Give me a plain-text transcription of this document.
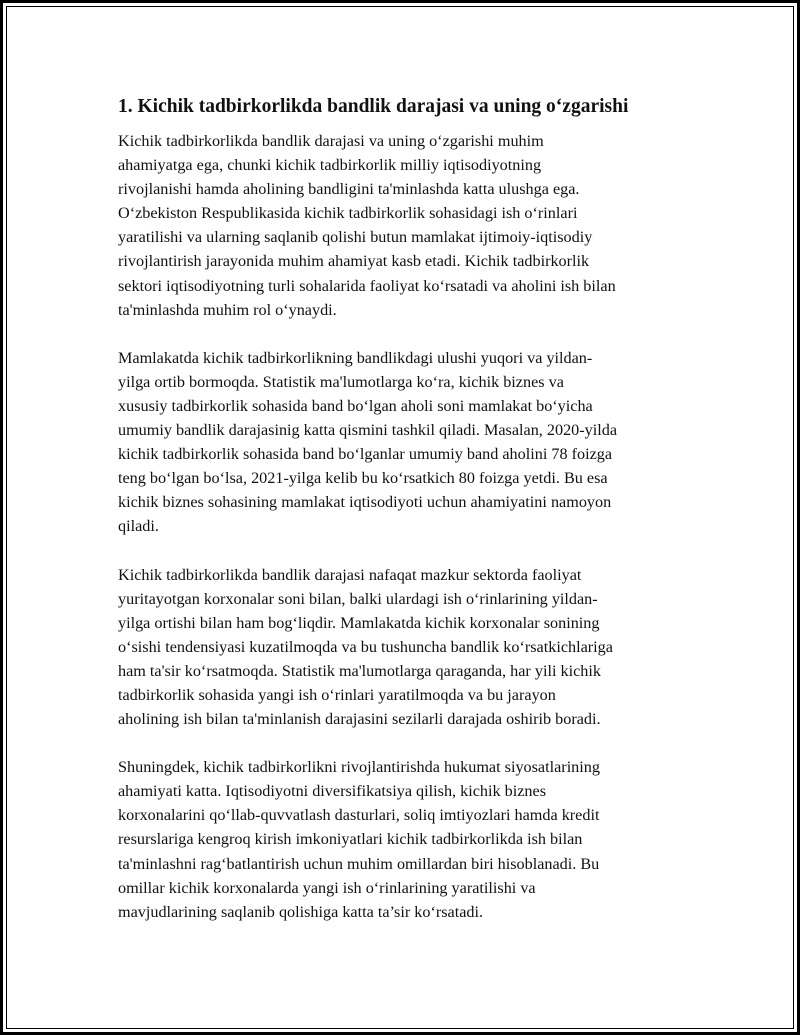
1. Kichik tadbirkorlikda bandlik darajasi va uning o‘zgarishi

Kichik tadbirkorlikda bandlik darajasi va uning o‘zgarishi muhim
ahamiyatga ega, chunki kichik tadbirkorlik milliy iqtisodiyotning
rivojlanishi hamda aholining bandligini ta'minlashda katta ulushga ega.
O‘zbekiston Respublikasida kichik tadbirkorlik sohasidagi ish o‘rinlari
yaratilishi va ularning saqlanib qolishi butun mamlakat ijtimoiy-iqtisodiy
rivojlantirish jarayonida muhim ahamiyat kasb etadi. Kichik tadbirkorlik
sektori iqtisodiyotning turli sohalarida faoliyat ko‘rsatadi va aholini ish bilan
ta'minlashda muhim rol o‘ynaydi.

Mamlakatda kichik tadbirkorlikning bandlikdagi ulushi yuqori va yildan-
yilga ortib bormoqda. Statistik ma'lumotlarga ko‘ra, kichik biznes va
xususiy tadbirkorlik sohasida band bo‘lgan aholi soni mamlakat bo‘yicha
umumiy bandlik darajasinig katta qismini tashkil qiladi. Masalan, 2020-yilda
kichik tadbirkorlik sohasida band bo‘lganlar umumiy band aholini 78 foizga
teng bo‘lgan bo‘lsa, 2021-yilga kelib bu ko‘rsatkich 80 foizga yetdi. Bu esa
kichik biznes sohasining mamlakat iqtisodiyoti uchun ahamiyatini namoyon
qiladi.

Kichik tadbirkorlikda bandlik darajasi nafaqat mazkur sektorda faoliyat
yuritayotgan korxonalar soni bilan, balki ulardagi ish o‘rinlarining yildan-
yilga ortishi bilan ham bog‘liqdir. Mamlakatda kichik korxonalar sonining
o‘sishi tendensiyasi kuzatilmoqda va bu tushuncha bandlik ko‘rsatkichlariga
ham ta'sir ko‘rsatmoqda. Statistik ma'lumotlarga qaraganda, har yili kichik
tadbirkorlik sohasida yangi ish o‘rinlari yaratilmoqda va bu jarayon
aholining ish bilan ta'minlanish darajasini sezilarli darajada oshirib boradi.

Shuningdek, kichik tadbirkorlikni rivojlantirishda hukumat siyosatlarining
ahamiyati katta. Iqtisodiyotni diversifikatsiya qilish, kichik biznes
korxonalarini qo‘llab-quvvatlash dasturlari, soliq imtiyozlari hamda kredit
resurslariga kengroq kirish imkoniyatlari kichik tadbirkorlikda ish bilan
ta'minlashni rag‘batlantirish uchun muhim omillardan biri hisoblanadi. Bu
omillar kichik korxonalarda yangi ish o‘rinlarining yaratilishi va
mavjudlarining saqlanib qolishiga katta ta’sir ko‘rsatadi.
